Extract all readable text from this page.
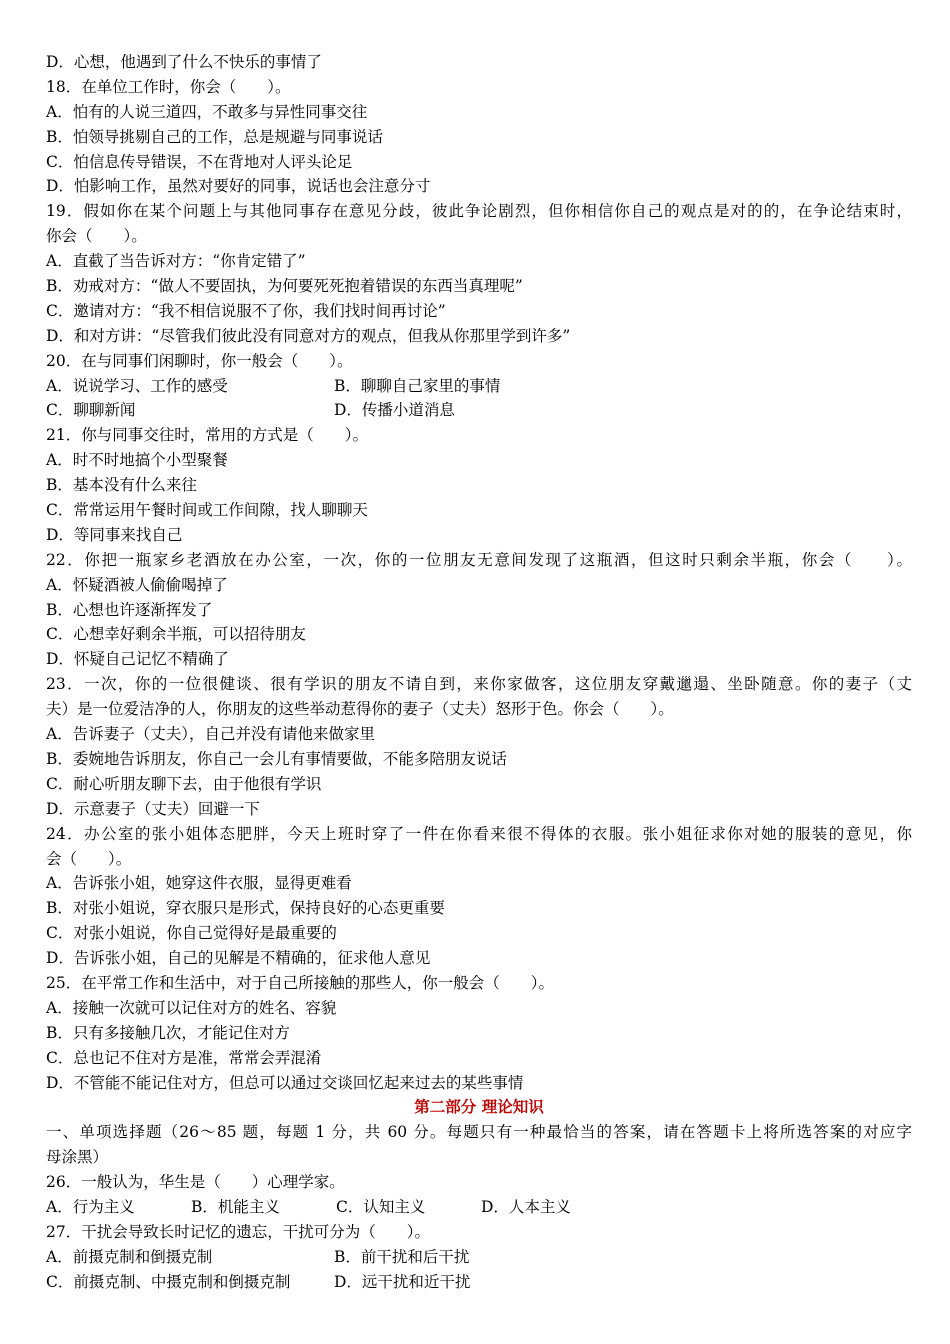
D．心想，他遇到了什么不快乐的事情了
18．在单位工作时，你会（　　）。
A．怕有的人说三道四，不敢多与异性同事交往
B．怕领导挑剔自己的工作，总是规避与同事说话
C．怕信息传导错误，不在背地对人评头论足
D．怕影响工作，虽然对要好的同事，说话也会注意分寸
19．假如你在某个问题上与其他同事存在意见分歧，彼此争论剧烈，但你相信你自己的观点是对的的，在争论结束时，
你会（　　）。
A．直截了当告诉对方：“你肯定错了”
B．劝戒对方：“做人不要固执，为何要死死抱着错误的东西当真理呢”
C．邀请对方：“我不相信说服不了你，我们找时间再讨论”
D．和对方讲：“尽管我们彼此没有同意对方的观点，但我从你那里学到许多”
20．在与同事们闲聊时，你一般会（　　）。
A．说说学习、工作的感受	B．聊聊自己家里的事情
C．聊聊新闻	D．传播小道消息
21．你与同事交往时，常用的方式是（　　）。
A．时不时地搞个小型聚餐
B．基本没有什么来往
C．常常运用午餐时间或工作间隙，找人聊聊天
D．等同事来找自己
22．你把一瓶家乡老酒放在办公室，一次，你的一位朋友无意间发现了这瓶酒，但这时只剩余半瓶，你会（　　）。
A．怀疑酒被人偷偷喝掉了
B．心想也许逐渐挥发了
C．心想幸好剩余半瓶，可以招待朋友
D．怀疑自己记忆不精确了
23．一次，你的一位很健谈、很有学识的朋友不请自到，来你家做客，这位朋友穿戴邋遢、坐卧随意。你的妻子（丈
夫）是一位爱洁净的人，你朋友的这些举动惹得你的妻子（丈夫）怒形于色。你会（　　）。
A．告诉妻子（丈夫），自己并没有请他来做家里
B．委婉地告诉朋友，你自己一会儿有事情要做，不能多陪朋友说话
C．耐心听朋友聊下去，由于他很有学识
D．示意妻子（丈夫）回避一下
24．办公室的张小姐体态肥胖，今天上班时穿了一件在你看来很不得体的衣服。张小姐征求你对她的服装的意见，你
会（　　）。
A．告诉张小姐，她穿这件衣服，显得更难看
B．对张小姐说，穿衣服只是形式，保持良好的心态更重要
C．对张小姐说，你自己觉得好是最重要的
D．告诉张小姐，自己的见解是不精确的，征求他人意见
25．在平常工作和生活中，对于自己所接触的那些人，你一般会（　　）。
A．接触一次就可以记住对方的姓名、容貌
B．只有多接触几次，才能记住对方
C．总也记不住对方是准，常常会弄混淆
D．不管能不能记住对方，但总可以通过交谈回忆起来过去的某些事情
第二部分 理论知识
一、单项选择题（26～85 题，每题 1 分，共 60 分。每题只有一种最恰当的答案，请在答题卡上将所选答案的对应字
母涂黑）
26．一般认为，华生是（　　）心理学家。
A．行为主义	B．机能主义	C．认知主义	D．人本主义
27．干扰会导致长时记忆的遗忘，干扰可分为（　　）。
A．前摄克制和倒摄克制	B．前干扰和后干扰
C．前摄克制、中摄克制和倒摄克制	D．远干扰和近干扰
